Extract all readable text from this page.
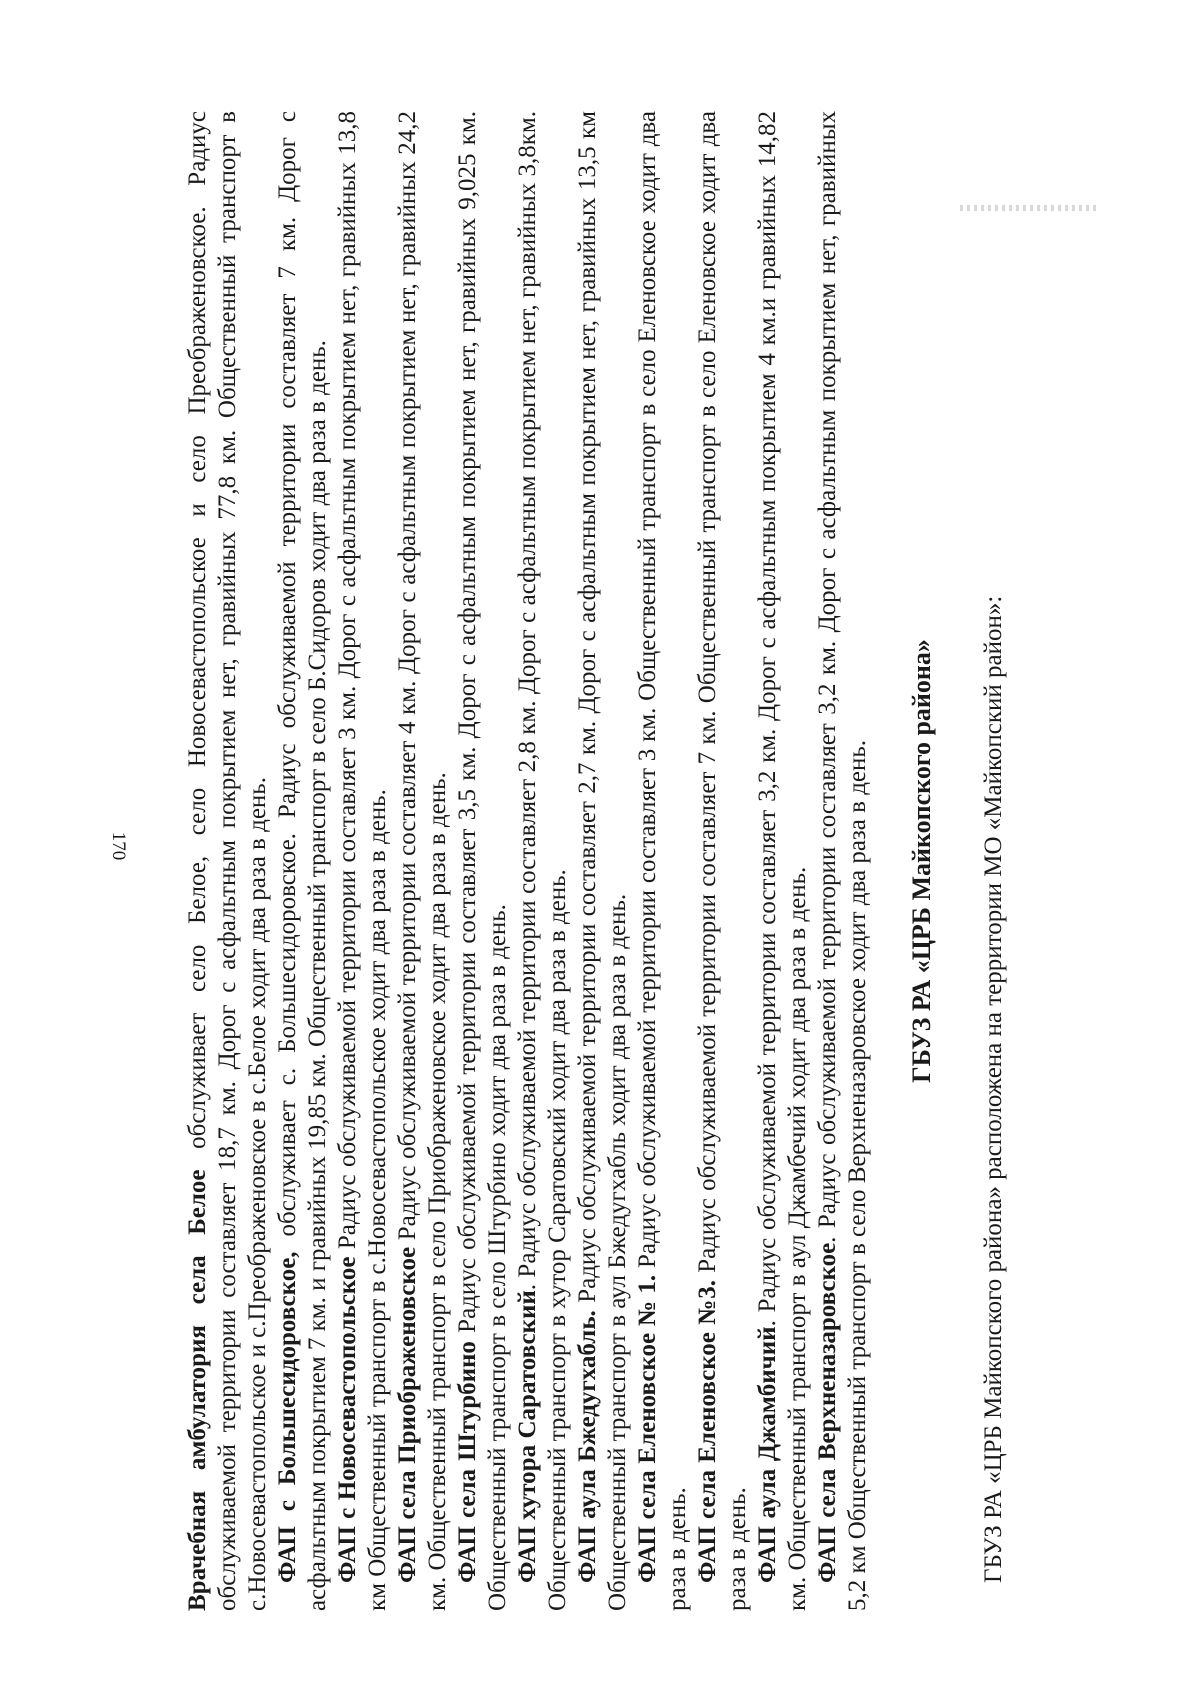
170

Врачебная амбулатория села Белое обслуживает село Белое, село Новосевастопольское и село Преображеновское. Радиус обслуживаемой территории составляет 18,7 км. Дорог с асфальтным покрытием нет, гравийных 77,8 км. Общественный транспорт в с.Новосевастопольское и с.Преображеновское в с.Белое ходит два раза в день. ФАП с Большесидоровское, обслуживает с. Большесидоровское. Радиус обслуживаемой территории составляет 7 км. Дорог с асфальтным покрытием 7 км. и гравийных 19,85 км. Общественный транспорт в село Б.Сидоров ходит два раза в день. ФАП с Новосевастопольское Радиус обслуживаемой территории составляет 3 км. Дорог с асфальтным покрытием нет, гравийных 13,8 км Общественный транспорт в с.Новосевастопольское ходит два раза в день. ФАП села Приображеновское Радиус обслуживаемой территории составляет 4 км. Дорог с асфальтным покрытием нет, гравийных 24,2 км. Общественный транспорт в село Приображеновское ходит два раза в день. ФАП села Штурбино Радиус обслуживаемой территории составляет 3,5 км. Дорог с асфальтным покрытием нет, гравийных 9,025 км. Общественный транспорт в село Штурбино ходит два раза в день. ФАП хутора Саратовский. Радиус обслуживаемой территории составляет 2,8 км. Дорог с асфальтным покрытием нет, гравийных 3,8км. Общественный транспорт в хутор Саратовский ходит два раза в день. ФАП аула Бжедугхабль. Радиус обслуживаемой территории составляет 2,7 км. Дорог с асфальтным покрытием нет, гравийных 13,5 км Общественный транспорт в аул Бжедугхабль ходит два раза в день. ФАП села Еленовское № 1. Радиус обслуживаемой территории составляет 3 км. Общественный транспорт в село Еленовское ходит два раза в день. ФАП села Еленовское №3. Радиус обслуживаемой территории составляет 7 км. Общественный транспорт в село Еленовское ходит два раза в день. ФАП аула Джамбичий. Радиус обслуживаемой территории составляет 3,2 км. Дорог с асфальтным покрытием 4 км.и гравийных 14,82 км. Общественный транспорт в аул Джамбечий ходит два раза в день. ФАП села Верхненазаровское. Радиус обслуживаемой территории составляет 3,2 км. Дорог с асфальтным покрытием нет, гравийных 5,2 км Общественный транспорт в село Верхненазаровское ходит два раза в день. ГБУЗ РА «ЦРБ Майкопского района» ГБУЗ РА «ЦРБ Майкопского района» расположена на территории МО «Майкопский район»:
